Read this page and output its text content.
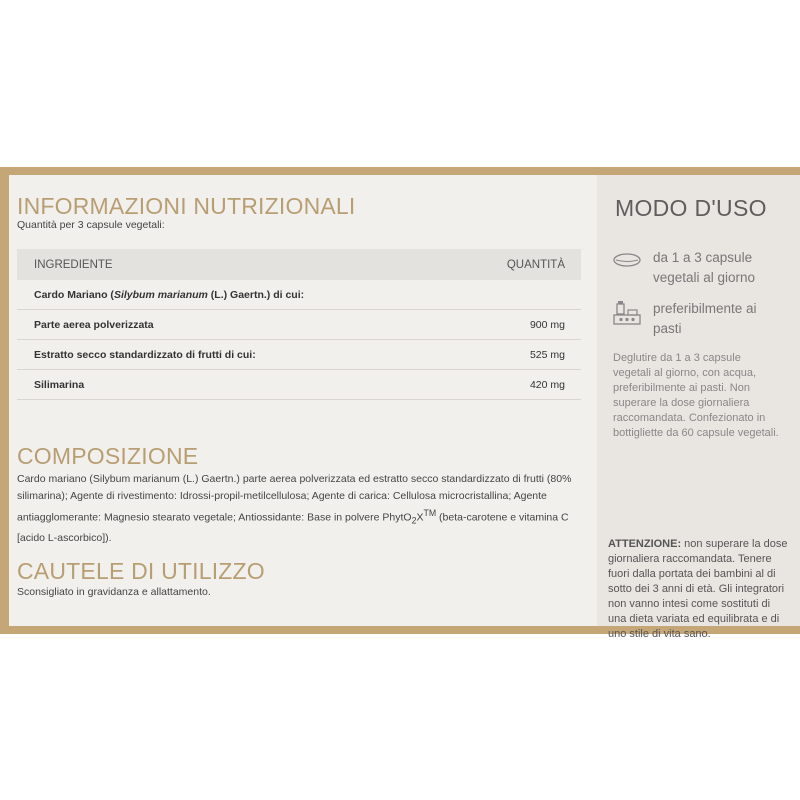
INFORMAZIONI NUTRIZIONALI
Quantità per 3 capsule vegetali:
INGREDIENTE	QUANTITÀ
Cardo Mariano (Silybum marianum (L.) Gaertn.) di cui:
Parte aerea polverizzata	900 mg
Estratto secco standardizzato di frutti di cui:	525 mg
Silimarina	420 mg
COMPOSIZIONE

Cardo mariano (Silybum marianum (L.) Gaertn.) parte aerea polverizzata ed estratto secco standardizzato di frutti (80% silimarina); Agente di rivestimento: Idrossi-propil-metilcellulosa; Agente di carica: Cellulosa microcristallina; Agente antiagglomerante: Magnesio stearato vegetale; Antiossidante: Base in polvere PhytO$_2$X™ (beta-carotene e vitamina C [acido L-ascorbico]).

CAUTELE DI UTILIZZO
Sconsigliato in gravidanza e allattamento.
MODO D'USO
da 1 a 3 capsule vegetali al giorno
preferibilmente ai pasti

Deglutire da 1 a 3 capsule vegetali al giorno, con acqua, preferibilmente ai pasti. Non superare la dose giornaliera raccomandata. Confezionato in bottigliette da 60 capsule vegetali.

ATTENZIONE: non superare la dose giornaliera raccomandata. Tenere fuori dalla portata dei bambini al di sotto dei 3 anni di età. Gli integratori non vanno intesi come sostituti di una dieta variata ed equilibrata e di uno stile di vita sano.
